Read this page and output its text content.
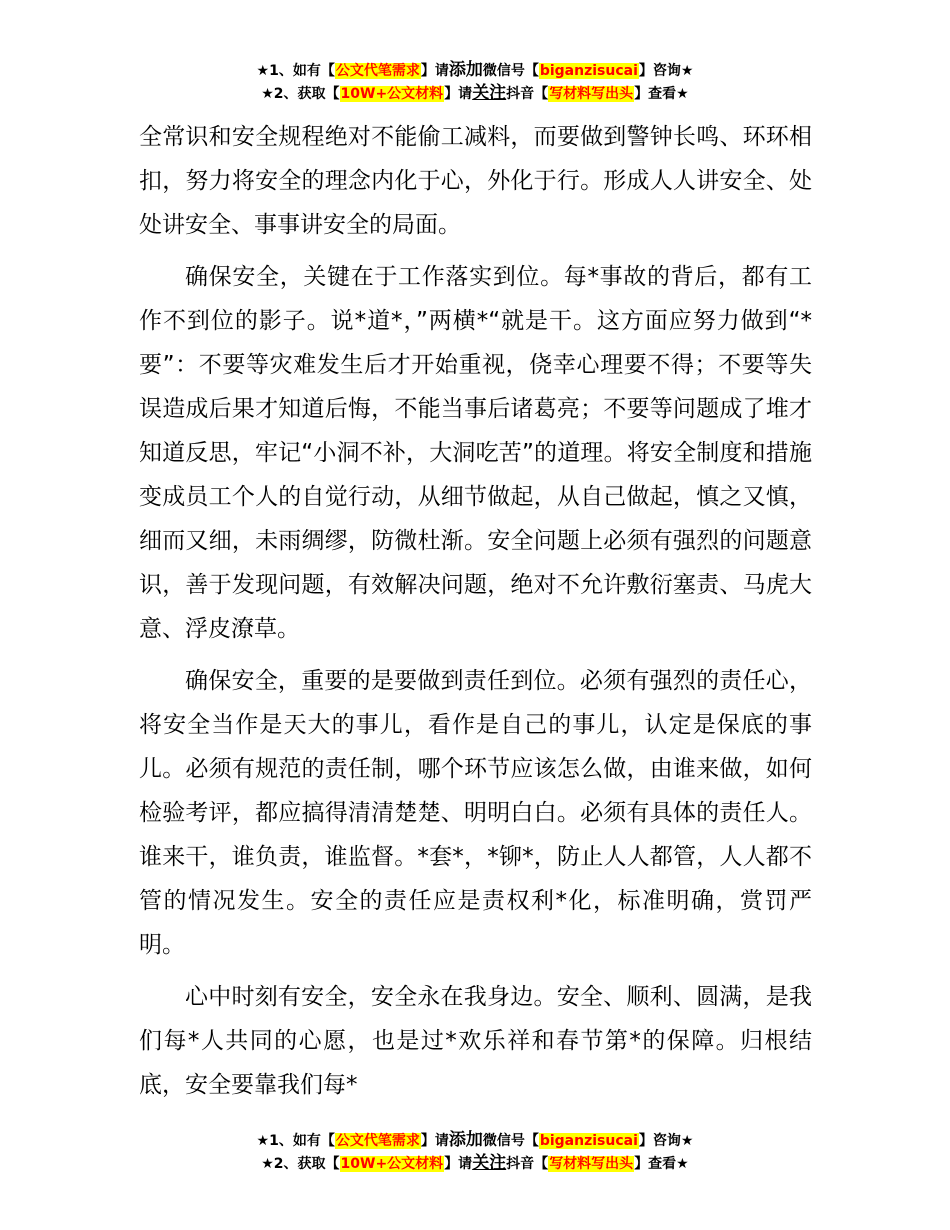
★1、如有【公文代笔需求】请添加微信号【biganzisucai】咨询★
★2、获取【10W+公文材料】请关注抖音【写材料写出头】查看★

全常识和安全规程绝对不能偷工减料，而要做到警钟长鸣、环环相扣，努力将安全的理念内化于心，外化于行。形成人人讲安全、处处讲安全、事事讲安全的局面。

确保安全，关键在于工作落实到位。每*事故的背后，都有工作不到位的影子。说*道*，”两横*“就是干。这方面应努力做到“*要”：不要等灾难发生后才开始重视，侥幸心理要不得；不要等失误造成后果才知道后悔，不能当事后诸葛亮；不要等问题成了堆才知道反思，牢记“小洞不补，大洞吃苦”的道理。将安全制度和措施变成员工个人的自觉行动，从细节做起，从自己做起，慎之又慎，细而又细，未雨绸缪，防微杜渐。安全问题上必须有强烈的问题意识，善于发现问题，有效解决问题，绝对不允许敷衍塞责、马虎大意、浮皮潦草。

确保安全，重要的是要做到责任到位。必须有强烈的责任心，将安全当作是天大的事儿，看作是自己的事儿，认定是保底的事儿。必须有规范的责任制，哪个环节应该怎么做，由谁来做，如何检验考评，都应搞得清清楚楚、明明白白。必须有具体的责任人。谁来干，谁负责，谁监督。*套*，*铆*，防止人人都管，人人都不管的情况发生。安全的责任应是责权利*化，标准明确，赏罚严明。

心中时刻有安全，安全永在我身边。安全、顺利、圆满，是我们每*人共同的心愿，也是过*欢乐祥和春节第*的保障。归根结底，安全要靠我们每*

★1、如有【公文代笔需求】请添加微信号【biganzisucai】咨询★
★2、获取【10W+公文材料】请关注抖音【写材料写出头】查看★
